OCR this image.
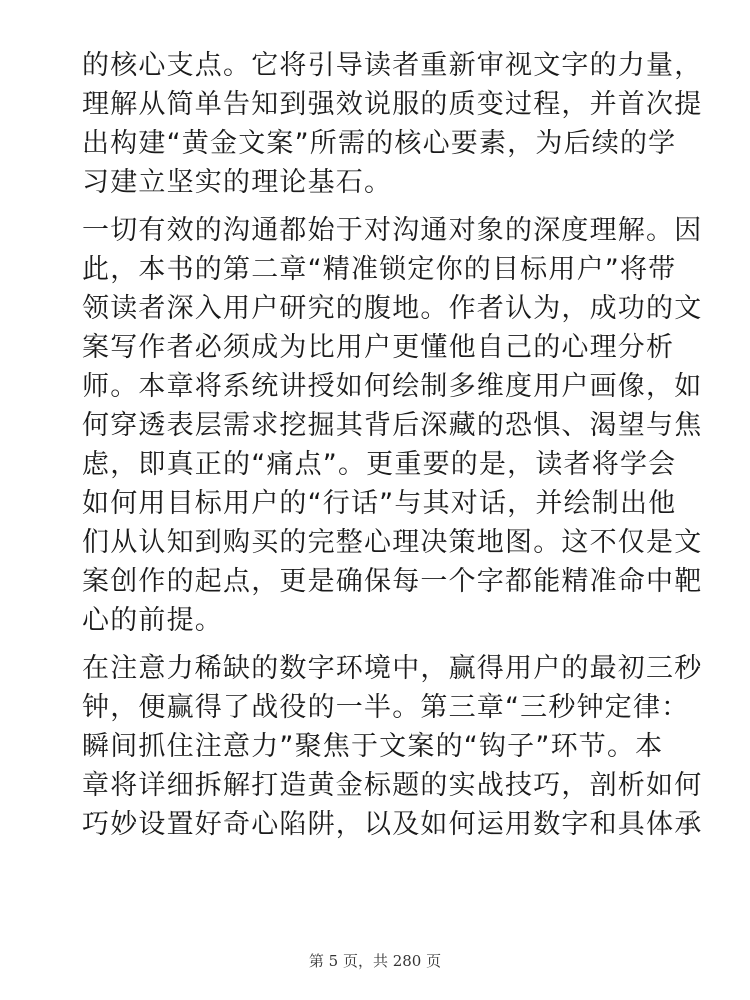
的核心支点。它将引导读者重新审视文字的力量，
理解从简单告知到强效说服的质变过程，并首次提
出构建“黄金文案”所需的核心要素，为后续的学
习建立坚实的理论基石。
一切有效的沟通都始于对沟通对象的深度理解。因
此，本书的第二章“精准锁定你的目标用户”将带
领读者深入用户研究的腹地。作者认为，成功的文
案写作者必须成为比用户更懂他自己的心理分析
师。本章将系统讲授如何绘制多维度用户画像，如
何穿透表层需求挖掘其背后深藏的恐惧、渴望与焦
虑，即真正的“痛点”。更重要的是，读者将学会
如何用目标用户的“行话”与其对话，并绘制出他
们从认知到购买的完整心理决策地图。这不仅是文
案创作的起点，更是确保每一个字都能精准命中靶
心的前提。
在注意力稀缺的数字环境中，赢得用户的最初三秒
钟，便赢得了战役的一半。第三章“三秒钟定律：
瞬间抓住注意力”聚焦于文案的“钩子”环节。本
章将详细拆解打造黄金标题的实战技巧，剖析如何
巧妙设置好奇心陷阱，以及如何运用数字和具体承
第 5 页，共 280 页
